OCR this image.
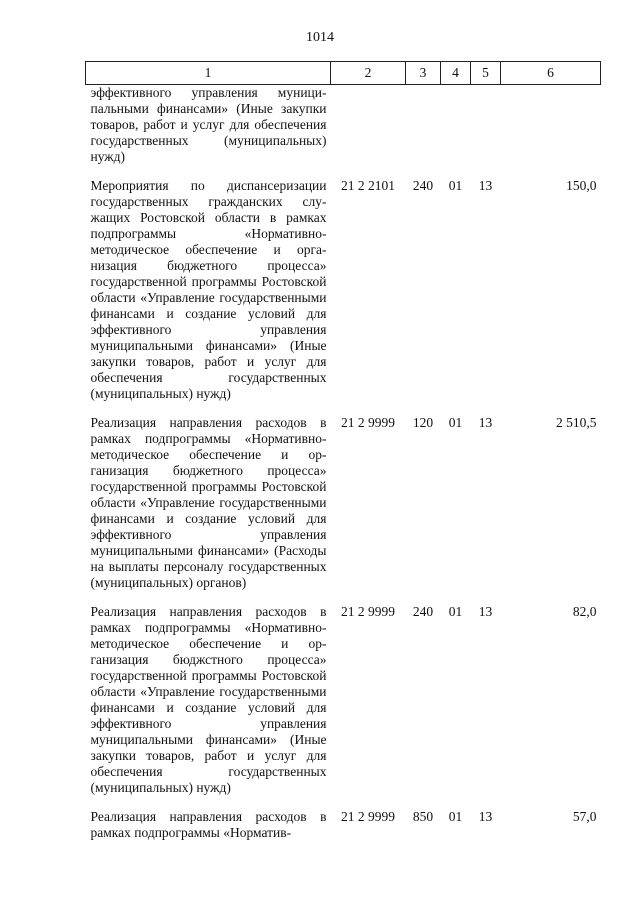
1014
1	2	3	4	5	6
эффективного управления муниципальными финансами» (Иные закупки товаров, работ и услуг для обеспечения государственных (муниципальных) нужд)					
Мероприятия по диспансеризации государственных гражданских служащих Ростовской области в рамках подпрограммы «Нормативно-методическое обеспечение и организация бюджетного процесса» государственной программы Ростовской области «Управление государственными финансами и создание условий для эффективного управления муниципальными финансами» (Иные закупки товаров, работ и услуг для обеспечения государственных (муниципальных) нужд)	21 2 2101	240	01	13	150,0
Реализация направления расходов в рамках подпрограммы «Нормативно-методическое обеспечение и организация бюджетного процесса» государственной программы Ростовской области «Управление государственными финансами и создание условий для эффективного управления муниципальными финансами» (Расходы на выплаты персоналу государственных (муниципальных) органов)	21 2 9999	120	01	13	2 510,5
Реализация направления расходов в рамках подпрограммы «Нормативно-методическое обеспечение и организация бюджстного процесса» государственной программы Ростовской области «Управление государственными финансами и создание условий для эффективного управления муниципальными финансами» (Иные закупки товаров, работ и услуг для обеспечения государственных (муниципальных) нужд)	21 2 9999	240	01	13	82,0
Реализация направления расходов в рамках подпрограммы «Норматив-	21 2 9999	850	01	13	57,0
